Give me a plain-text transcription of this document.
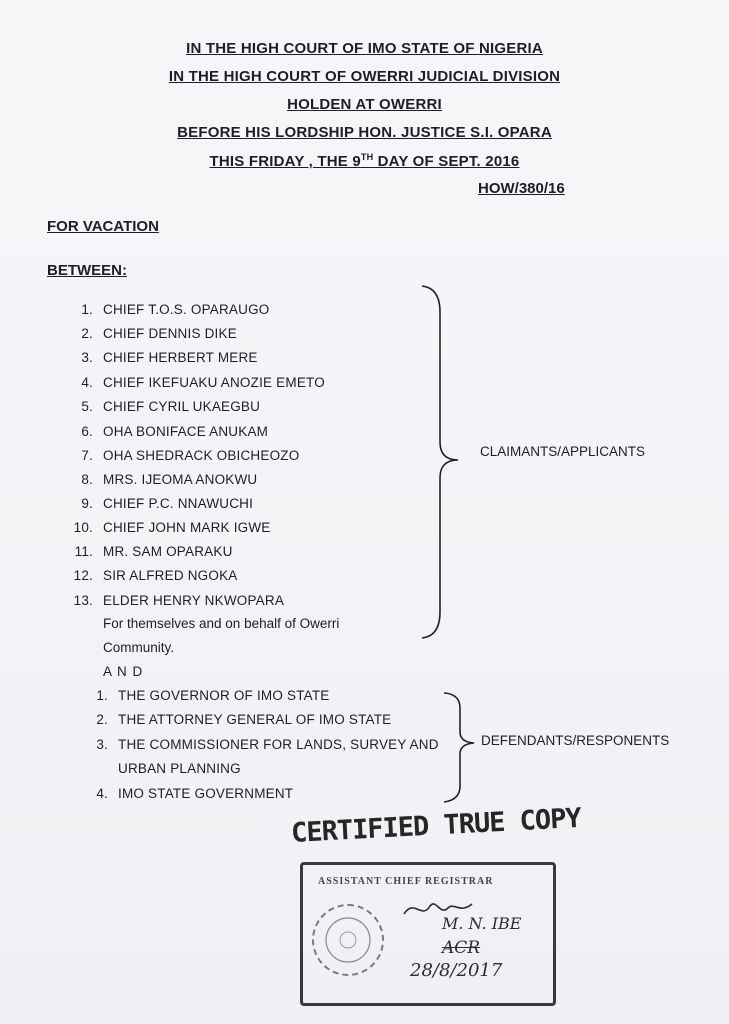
IN THE HIGH COURT OF IMO STATE OF NIGERIA
IN THE HIGH COURT OF OWERRI JUDICIAL DIVISION
HOLDEN AT OWERRI
BEFORE HIS LORDSHIP HON. JUSTICE S.I. OPARA
THIS FRIDAY , THE 9TH DAY OF SEPT. 2016
HOW/380/16
FOR VACATION
BETWEEN:
1. CHIEF T.O.S. OPARAUGO
2. CHIEF DENNIS DIKE
3. CHIEF HERBERT MERE
4. CHIEF IKEFUAKU ANOZIE EMETO
5. CHIEF CYRIL UKAEGBU
6. OHA BONIFACE ANUKAM
7. OHA SHEDRACK OBICHEOZO
8. MRS. IJEOMA ANOKWU
9. CHIEF P.C. NNAWUCHI
10. CHIEF JOHN MARK IGWE
11. MR. SAM OPARAKU
12. SIR ALFRED NGOKA
13. ELDER HENRY NKWOPARA
For themselves and on behalf of Owerri
Community.
A N D
CLAIMANTS/APPLICANTS
1. THE GOVERNOR OF IMO STATE
2. THE ATTORNEY GENERAL OF IMO STATE
3. THE COMMISSIONER FOR LANDS, SURVEY AND
URBAN PLANNING
4. IMO STATE GOVERNMENT
DEFENDANTS/RESPONENTS
CERTIFIED TRUE COPY
ASSISTANT CHIEF REGISTRAR
M. N. IBE
ACR
28/8/2017
